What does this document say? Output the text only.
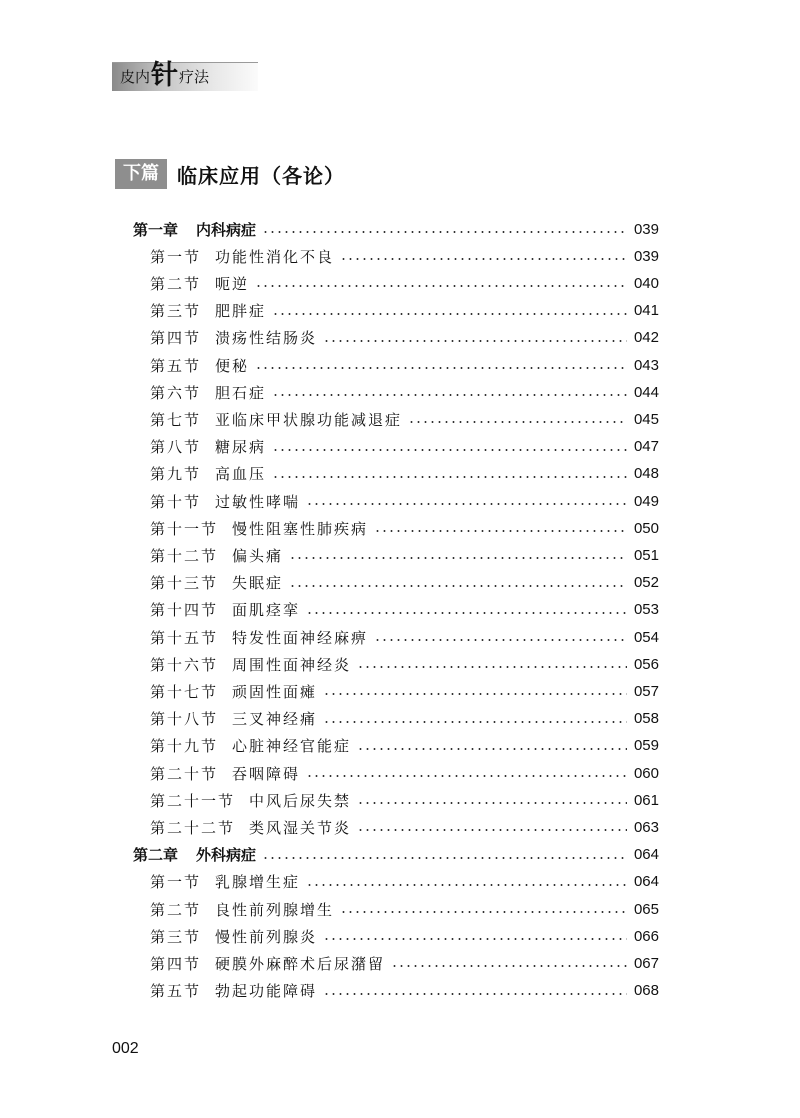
皮内 针 疗法
下篇 临床应用（各论）
第一章 内科病症	039
第一节 功能性消化不良	039
第二节 呃逆	040
第三节 肥胖症	041
第四节 溃疡性结肠炎	042
第五节 便秘	043
第六节 胆石症	044
第七节 亚临床甲状腺功能减退症	045
第八节 糖尿病	047
第九节 高血压	048
第十节 过敏性哮喘	049
第十一节 慢性阻塞性肺疾病	050
第十二节 偏头痛	051
第十三节 失眠症	052
第十四节 面肌痉挛	053
第十五节 特发性面神经麻痹	054
第十六节 周围性面神经炎	056
第十七节 顽固性面瘫	057
第十八节 三叉神经痛	058
第十九节 心脏神经官能症	059
第二十节 吞咽障碍	060
第二十一节 中风后尿失禁	061
第二十二节 类风湿关节炎	063
第二章 外科病症	064
第一节 乳腺增生症	064
第二节 良性前列腺增生	065
第三节 慢性前列腺炎	066
第四节 硬膜外麻醉术后尿潴留	067
第五节 勃起功能障碍	068
002
